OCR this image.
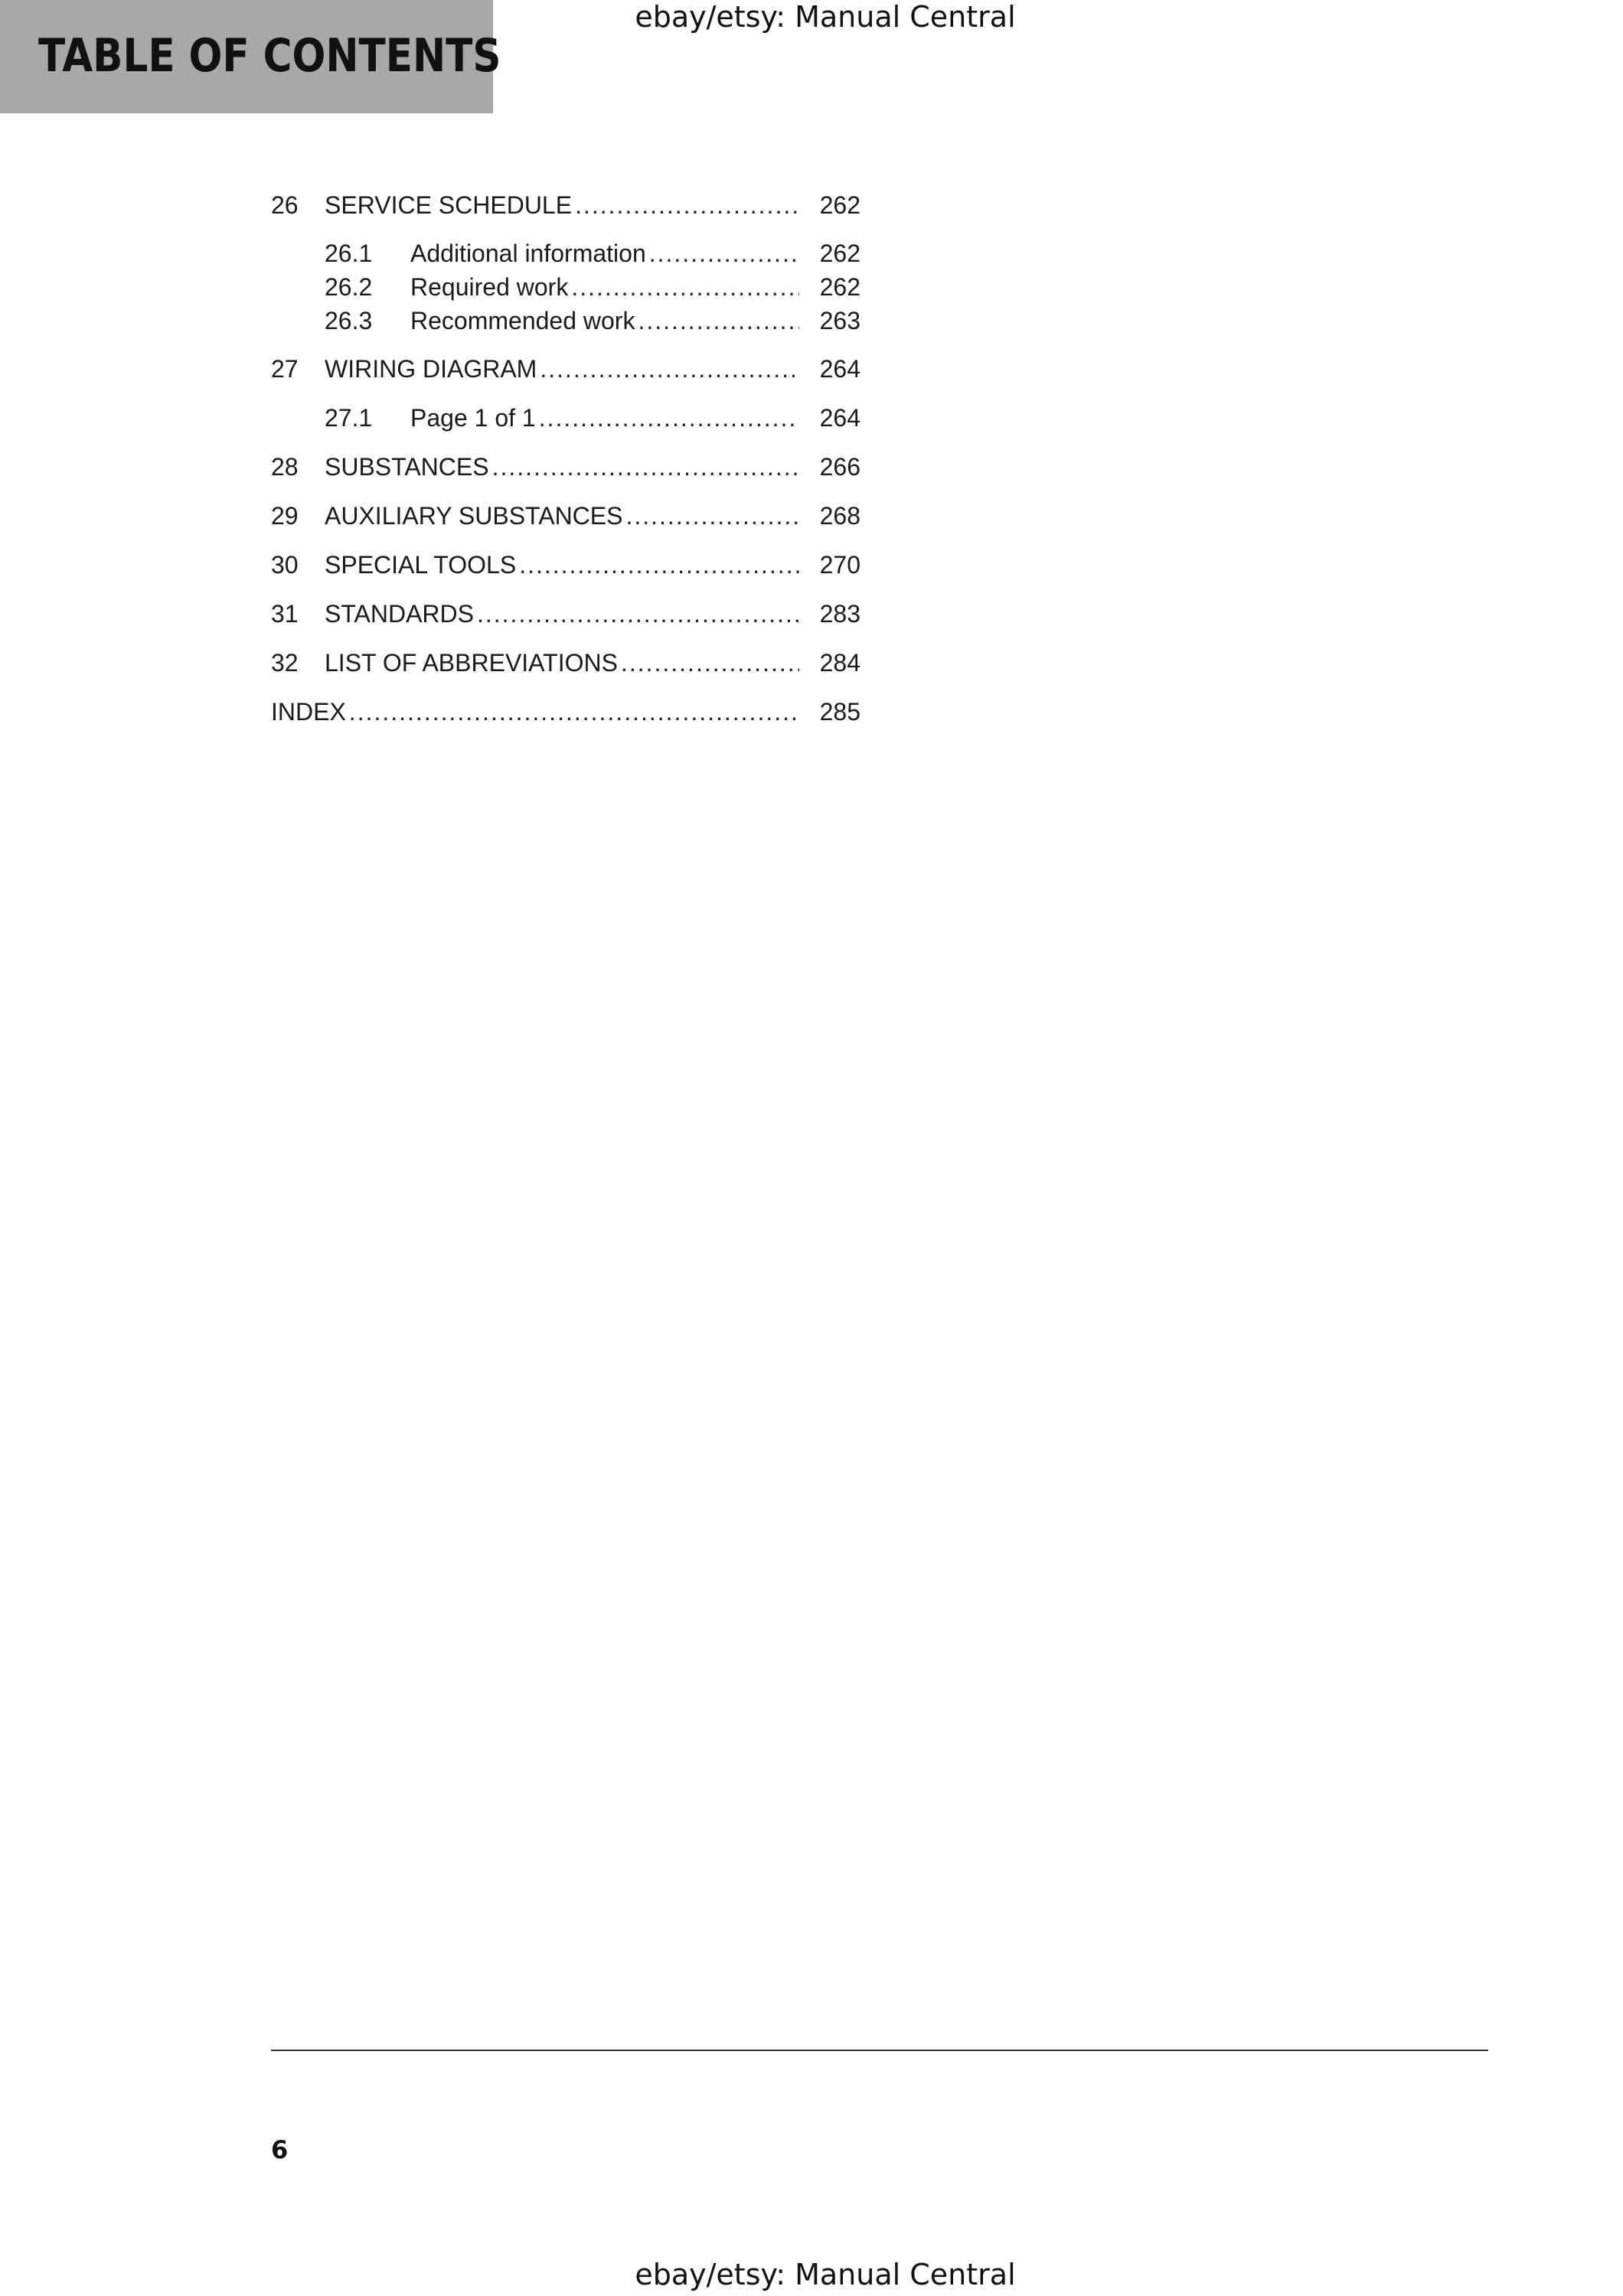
TABLE OF CONTENTS
ebay/etsy: Manual Central
26 SERVICE SCHEDULE .....	262
26.1 Additional information .....	262
26.2 Required work .....	262
26.3 Recommended work .....	263
27 WIRING DIAGRAM .....	264
27.1 Page 1 of 1 .....	264
28 SUBSTANCES .....	266
29 AUXILIARY SUBSTANCES .....	268
30 SPECIAL TOOLS .....	270
31 STANDARDS .....	283
32 LIST OF ABBREVIATIONS .....	284
INDEX .....	285
6
ebay/etsy: Manual Central
